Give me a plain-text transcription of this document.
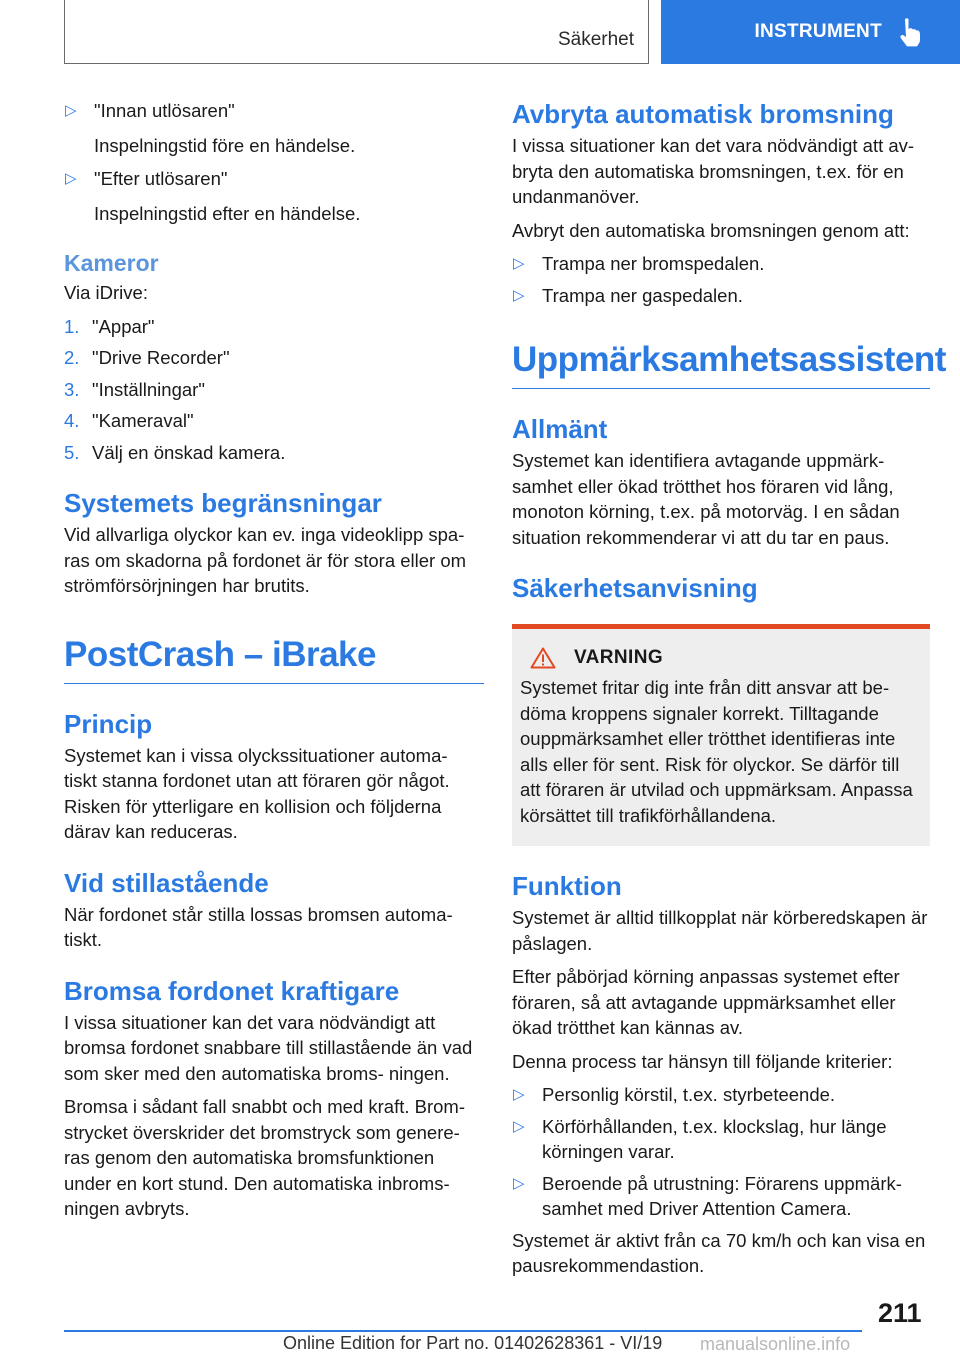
Säkerhet	INSTRUMENT
▷ "Innan utlösaren"
Inspelningstid före en händelse.
▷ "Efter utlösaren"
Inspelningstid efter en händelse.
Kameror

Via iDrive:

1. "Appar"
2. "Drive Recorder"
3. "Inställningar"
4. "Kameraval"
5. Välj en önskad kamera.
Systemets begränsningar

Vid allvarliga olyckor kan ev. inga videoklipp spa- ras om skadorna på fordonet är för stora eller om strömförsörjningen har brutits.

PostCrash – iBrake
Princip

Systemet kan i vissa olyckssituationer automa- tiskt stanna fordonet utan att föraren gör något. Risken för ytterligare en kollision och följderna därav kan reduceras.

Vid stillastående

När fordonet står stilla lossas bromsen automa- tiskt.

Bromsa fordonet kraftigare

I vissa situationer kan det vara nödvändigt att bromsa fordonet snabbare till stillastående än vad som sker med den automatiska broms- ningen.

Bromsa i sådant fall snabbt och med kraft. Brom- strycket överskrider det bromstryck som genere- ras genom den automatiska bromsfunktionen under en kort stund. Den automatiska inbroms- ningen avbryts.

Avbryta automatisk bromsning

I vissa situationer kan det vara nödvändigt att av- bryta den automatiska bromsningen, t.ex. för en undanmanöver.

Avbryt den automatiska bromsningen genom att:

▷ Trampa ner bromspedalen.
▷ Trampa ner gaspedalen.
Uppmärksamhetsassistent
Allmänt

Systemet kan identifiera avtagande uppmärk- samhet eller ökad trötthet hos föraren vid lång, monoton körning, t.ex. på motorväg. I en sådan situation rekommenderar vi att du tar en paus.

Säkerhetsanvisning
VARNING

Systemet fritar dig inte från ditt ansvar att be- döma kroppens signaler korrekt. Tilltagande ouppmärksamhet eller trötthet identifieras inte alls eller för sent. Risk för olyckor. Se därför till att föraren är utvilad och uppmärksam. Anpassa körsättet till trafikförhållandena.

Funktion

Systemet är alltid tillkopplat när körberedskapen är påslagen.

Efter påbörjad körning anpassas systemet efter föraren, så att avtagande uppmärksamhet eller ökad trötthet kan kännas av.

Denna process tar hänsyn till följande kriterier:

▷ Personlig körstil, t.ex. styrbeteende.
▷ Körförhållanden, t.ex. klockslag, hur länge körningen varar.
▷ Beroende på utrustning: Förarens uppmärk- samhet med Driver Attention Camera.

Systemet är aktivt från ca 70 km/h och kan visa en pausrekommendastion.

211
Online Edition for Part no. 01402628361 - VI/19 manualsonline.info
